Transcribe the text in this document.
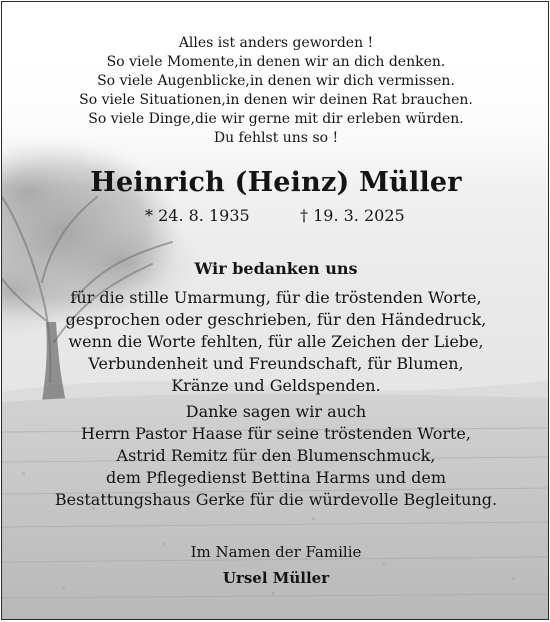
Alles ist anders geworden !
So viele Momente,in denen wir an dich denken.
So viele Augenblicke,in denen wir dich vermissen.
So viele Situationen,in denen wir deinen Rat brauchen.
So viele Dinge,die wir gerne mit dir erleben würden.
Du fehlst uns so !
Heinrich (Heinz) Müller
* 24. 8. 1935	† 19. 3. 2025
Wir bedanken uns
für die stille Umarmung, für die tröstenden Worte,
gesprochen oder geschrieben, für den Händedruck,
wenn die Worte fehlten, für alle Zeichen der Liebe,
Verbundenheit und Freundschaft, für Blumen,
Kränze und Geldspenden.
Danke sagen wir auch
Herrn Pastor Haase für seine tröstenden Worte,
Astrid Remitz für den Blumenschmuck,
dem Pflegedienst Bettina Harms und dem
Bestattungshaus Gerke für die würdevolle Begleitung.
Im Namen der Familie
Ursel Müller
